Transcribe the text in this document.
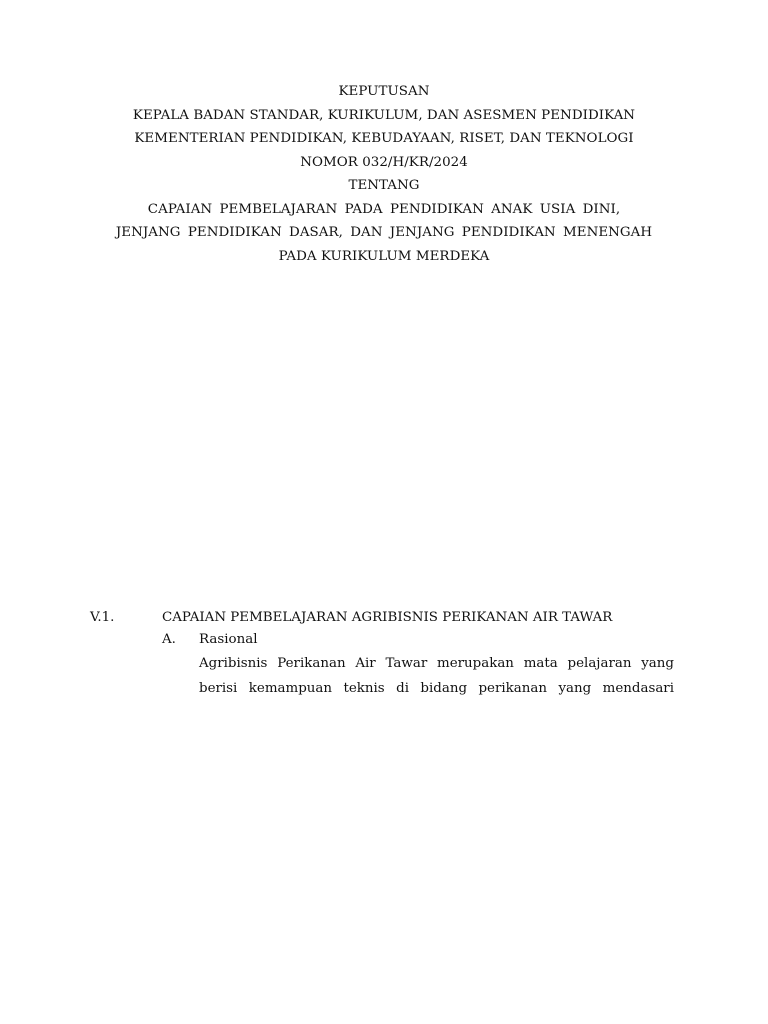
KEPUTUSAN
KEPALA BADAN STANDAR, KURIKULUM, DAN ASESMEN PENDIDIKAN
KEMENTERIAN PENDIDIKAN, KEBUDAYAAN, RISET, DAN TEKNOLOGI
NOMOR 032/H/KR/2024
TENTANG
CAPAIAN PEMBELAJARAN PADA PENDIDIKAN ANAK USIA DINI,
JENJANG PENDIDIKAN DASAR, DAN JENJANG PENDIDIKAN MENENGAH
PADA KURIKULUM MERDEKA
V.1.	CAPAIAN PEMBELAJARAN AGRIBISNIS PERIKANAN AIR TAWAR
A. Rasional
Agribisnis Perikanan Air Tawar merupakan mata pelajaran yang
berisi kemampuan teknis di bidang perikanan yang mendasari
